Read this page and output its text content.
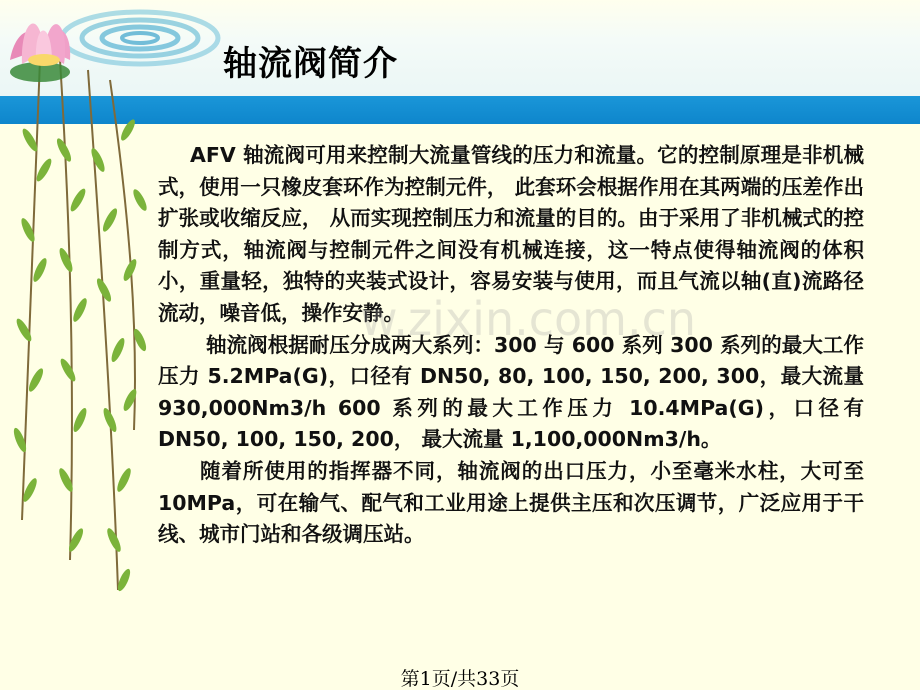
轴流阀简介

AFV 轴流阀可用来控制大流量管线的压力和流量。它的控制原理是非机械式，使用一只橡皮套环作为控制元件， 此套环会根据作用在其两端的压差作出扩张或收缩反应， 从而实现控制压力和流量的目的。由于采用了非机械式的控制方式，轴流阀与控制元件之间没有机械连接，这一特点使得轴流阀的体积小，重量轻，独特的夹装式设计，容易安装与使用，而且气流以轴(直)流路径流动，噪音低，操作安静。

轴流阀根据耐压分成两大系列：300 与 600 系列 300 系列的最大工作压力 5.2MPa(G)，口径有 DN50, 80, 100, 150, 200, 300，最大流量 930,000Nm3/h 600 系列的最大工作压力 10.4MPa(G)，口径有 DN50, 100, 150, 200， 最大流量 1,100,000Nm3/h。

随着所使用的指挥器不同，轴流阀的出口压力，小至毫米水柱，大可至 10MPa，可在输气、配气和工业用途上提供主压和次压调节，广泛应用于干线、城市门站和各级调压站。

w.zixin.com.cn
第1页/共33页
